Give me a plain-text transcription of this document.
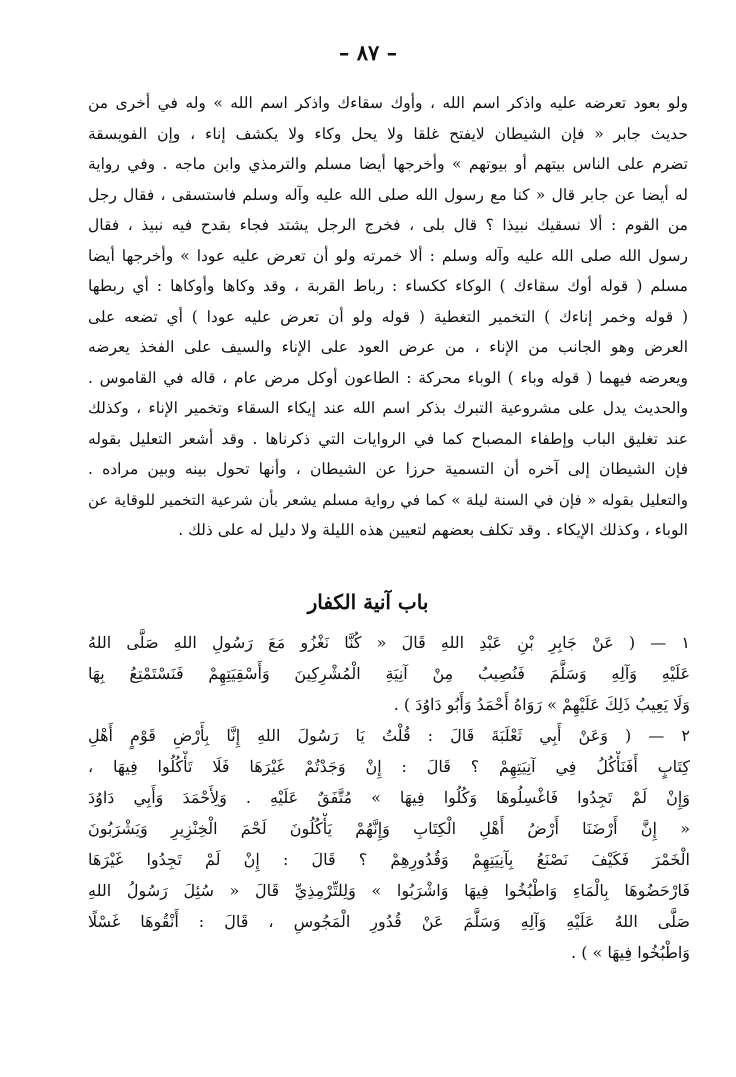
– ٨٧ –
ولو بعود تعرضه عليه واذكر اسم الله ، وأوك سقاءك واذكر اسم الله » وله في أخرى من
حديث جابر « فإن الشيطان لايفتح غلقا ولا يحل وكاء ولا يكشف إناء ، وإن الفويسقة
تضرم على الناس بيتهم أو بيوتهم » وأخرجها أيضا مسلم والترمذي وابن ماجه . وفي رواية
له أيضا عن جابر قال « كنا مع رسول الله صلى الله عليه وآله وسلم فاستسقى ، فقال رجل
من القوم : ألا نسقيك نبيذا ؟ قال بلى ، فخرج الرجل يشتد فجاء بقدح فيه نبيذ ، فقال
رسول الله صلى الله عليه وآله وسلم : ألا خمرته ولو أن تعرض عليه عودا » وأخرجها أيضا
مسلم ( قوله أوك سقاءك ) الوكاء ككساء : رباط القربة ، وقد وكاها وأوكاها : أي ربطها
( قوله وخمر إناءك ) التخمير التغطية ( قوله ولو أن تعرض عليه عودا ) أي تضعه على
العرض وهو الجانب من الإناء ، من عرض العود على الإناء والسيف على الفخذ يعرضه
ويعرضه فيهما ( قوله وباء ) الوباء محركة : الطاعون أوكل مرض عام ، قاله في القاموس .
والحديث يدل على مشروعية التبرك بذكر اسم الله عند إيكاء السقاء وتخمير الإناء ، وكذلك
عند تغليق الباب وإطفاء المصباح كما في الروايات التي ذكرناها . وقد أشعر التعليل بقوله
فإن الشيطان إلى آخره أن التسمية حرزا عن الشيطان ، وأنها تحول بينه وبين مراده .
والتعليل بقوله « فإن في السنة ليلة » كما في رواية مسلم يشعر بأن شرعية التخمير للوقاية عن
الوباء ، وكذلك الإيكاء . وقد تكلف بعضهم لتعيين هذه الليلة ولا دليل له على ذلك .
باب آنية الكفار
١ — ( عَنْ جَابِرِ بْنِ عَبْدِ اللهِ قَالَ « كُنَّا نَغْزُو مَعَ رَسُولِ اللهِ صَلَّى اللهُ
عَلَيْهِ وَآلِهِ وَسَلَّمَ فَنُصِيبُ مِنْ آنِيَةِ الْمُشْرِكِينَ وَأَسْقِيَتِهِمْ فَنَسْتَمْتِعُ بِهَا
وَلَا يَعِيبُ ذَلِكَ عَلَيْهِمْ » رَوَاهُ أَحْمَدُ وَأَبُو دَاوُدَ ) .
٢ — ( وَعَنْ أَبِي ثَعْلَبَةَ قَالَ : قُلْتُ يَا رَسُولَ اللهِ إِنَّا بِأَرْضِ قَوْمٍ أَهْلِ
كِتَابٍ أَفَنَأْكُلُ فِي آنِيَتِهِمْ ؟ قَالَ : إِنْ وَجَدْتُمْ غَيْرَهَا فَلَا تَأْكُلُوا فِيهَا ،
وَإِنْ لَمْ تَجِدُوا فَاغْسِلُوهَا وَكُلُوا فِيهَا » مُتَّفَقٌ عَلَيْهِ . وَلِأَحْمَدَ وَأَبِي دَاوُدَ
« إِنَّ أَرْضَنَا أَرْضُ أَهْلِ الْكِتَابِ وَإِنَّهُمْ يَأْكُلُونَ لَحْمَ الْخِنْزِيرِ وَيَشْرَبُونَ
الْخَمْرَ فَكَيْفَ نَصْنَعُ بِآنِيَتِهِمْ وَقُدُورِهِمْ ؟ قَالَ : إِنْ لَمْ تَجِدُوا غَيْرَهَا
فَارْحَضُوهَا بِالْمَاءِ وَاطْبُخُوا فِيهَا وَاشْرَبُوا » وَلِلتِّرْمِذِيِّ قَالَ « سُئِلَ رَسُولُ اللهِ
صَلَّى اللهُ عَلَيْهِ وَآلِهِ وَسَلَّمَ عَنْ قُدُورِ الْمَجُوسِ ، قَالَ : أَنْقُوهَا غَسْلًا
وَاطْبُخُوا فِيهَا » ) .
